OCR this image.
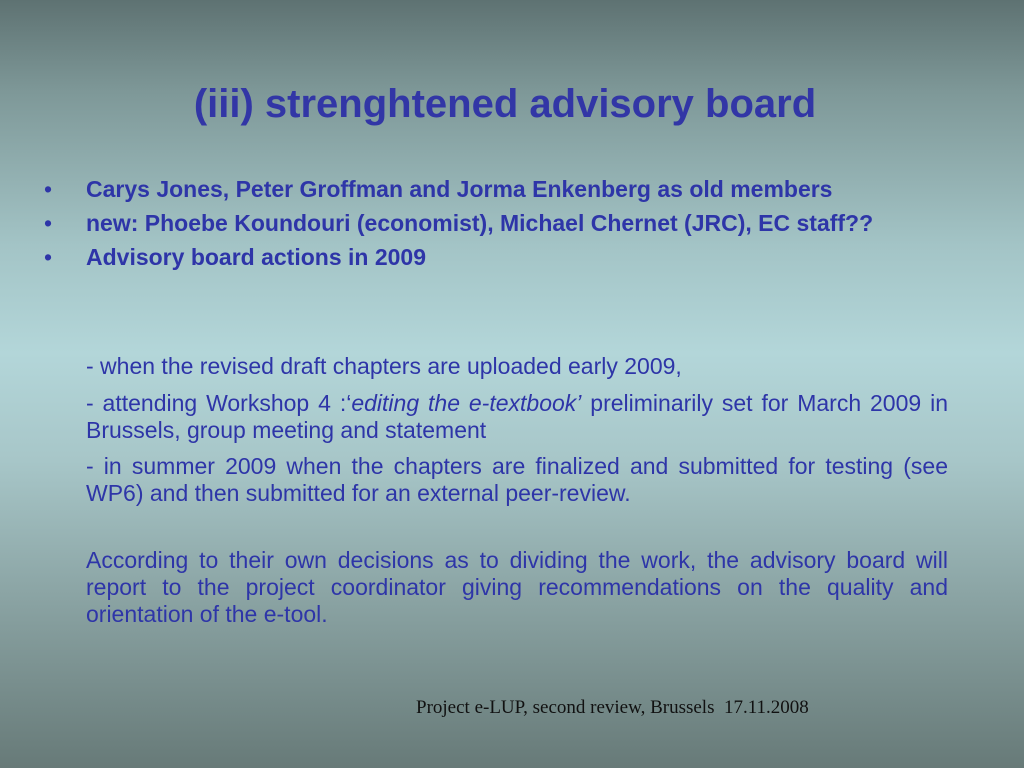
(iii) strenghtened advisory board
• Carys Jones, Peter Groffman and Jorma Enkenberg as old members
• new: Phoebe Koundouri (economist), Michael Chernet (JRC), EC staff??
• Advisory board actions in 2009

- when the revised draft chapters are uploaded early 2009,

- attending Workshop 4 :‘editing the e-textbook’ preliminarily set for March 2009 in Brussels, group meeting and statement

- in summer 2009 when the chapters are finalized and submitted for testing (see WP6) and then submitted for an external peer-review.

According to their own decisions as to dividing the work, the advisory board will report to the project coordinator giving recommendations on the quality and orientation of the e-tool.

Project e-LUP, second review, Brussels  17.11.2008
